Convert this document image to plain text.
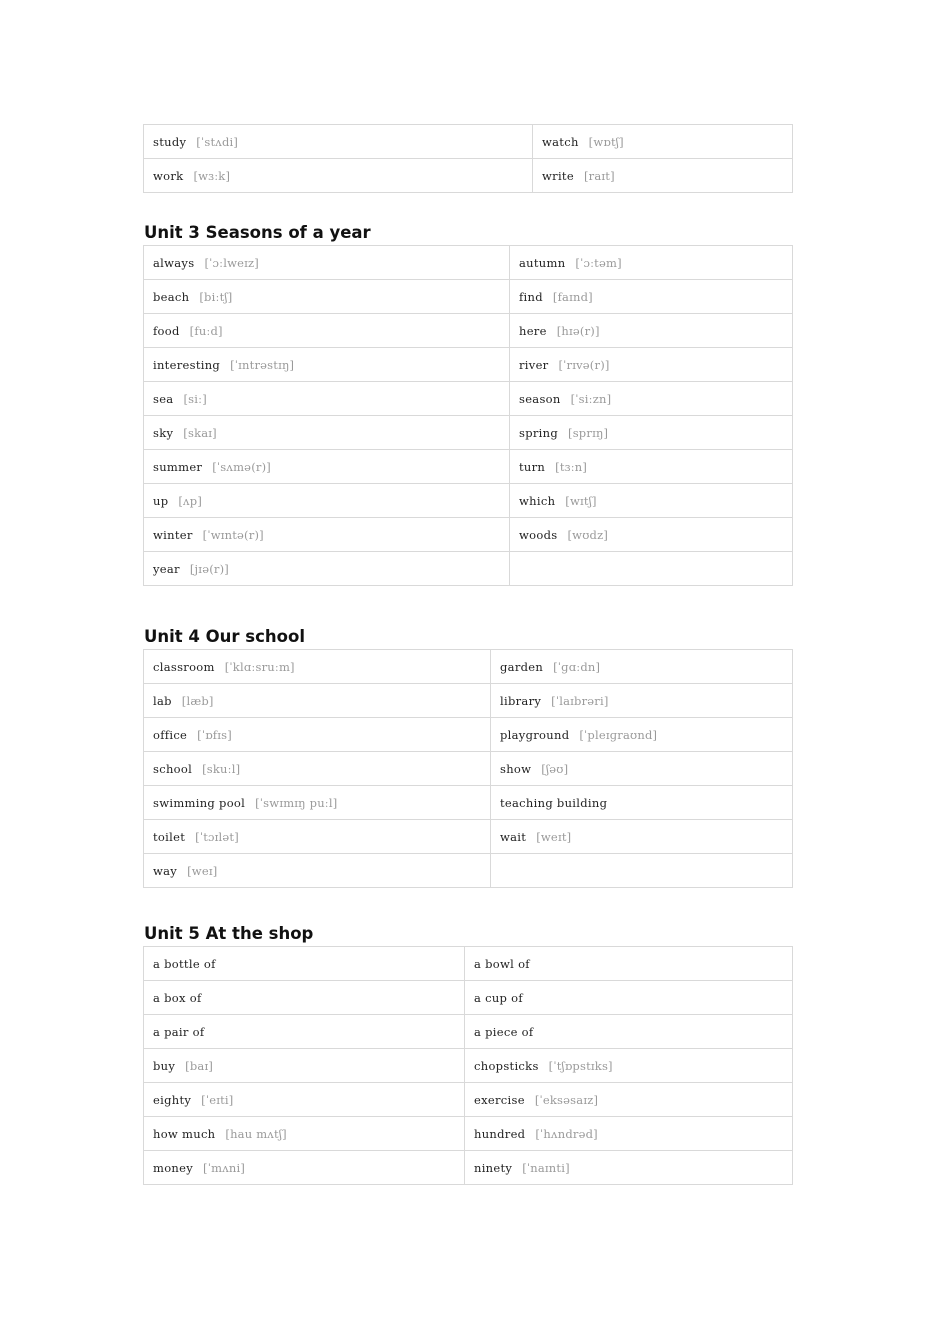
study [ˈstʌdi]	watch [wɒtʃ]
work [wɜːk]	write [raɪt]
Unit 3 Seasons of a year
always [ˈɔːlweɪz]	autumn [ˈɔːtəm]
beach [biːtʃ]	find [faɪnd]
food [fuːd]	here [hɪə(r)]
interesting [ˈɪntrəstɪŋ]	river [ˈrɪvə(r)]
sea [siː]	season [ˈsiːzn]
sky [skaɪ]	spring [sprɪŋ]
summer [ˈsʌmə(r)]	turn [tɜːn]
up [ʌp]	which [wɪtʃ]
winter [ˈwɪntə(r)]	woods [wʊdz]
year [jɪə(r)]	
Unit 4 Our school
classroom [ˈklɑːsruːm]	garden [ˈɡɑːdn]
lab [læb]	library [ˈlaɪbrəri]
office [ˈɒfɪs]	playground [ˈpleɪɡraʊnd]
school [skuːl]	show [ʃəʊ]
swimming pool [ˈswɪmɪŋ puːl]	teaching building
toilet [ˈtɔɪlət]	wait [weɪt]
way [weɪ]	
Unit 5 At the shop
a bottle of	a bowl of
a box of	a cup of
a pair of	a piece of
buy [baɪ]	chopsticks [ˈtʃɒpstɪks]
eighty [ˈeɪti]	exercise [ˈeksəsaɪz]
how much [hau mʌtʃ]	hundred [ˈhʌndrəd]
money [ˈmʌni]	ninety [ˈnaɪnti]
